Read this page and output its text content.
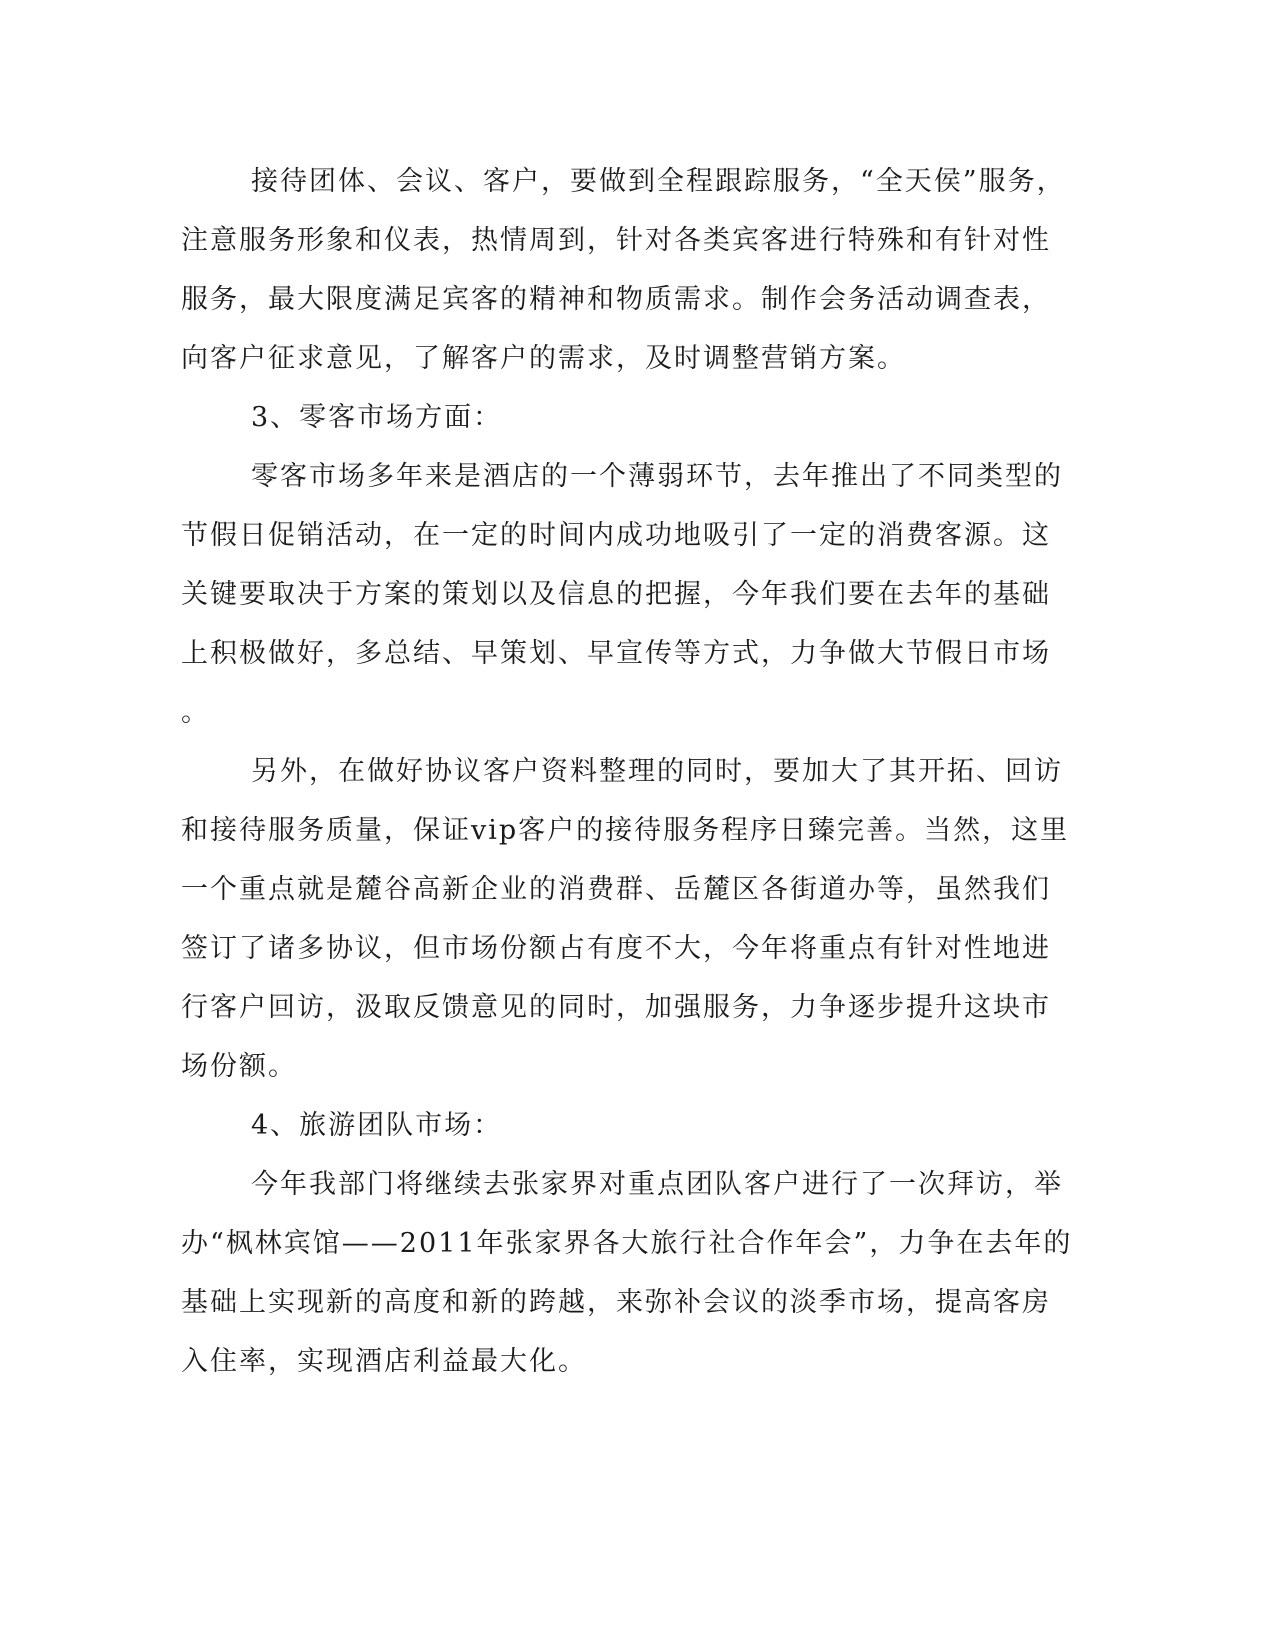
接待团体、会议、客户，要做到全程跟踪服务，“全天侯”服务，
注意服务形象和仪表，热情周到，针对各类宾客进行特殊和有针对性
服务，最大限度满足宾客的精神和物质需求。制作会务活动调查表，
向客户征求意见，了解客户的需求，及时调整营销方案。
3、零客市场方面：
零客市场多年来是酒店的一个薄弱环节，去年推出了不同类型的
节假日促销活动，在一定的时间内成功地吸引了一定的消费客源。这
关键要取决于方案的策划以及信息的把握，今年我们要在去年的基础
上积极做好，多总结、早策划、早宣传等方式，力争做大节假日市场
。
另外，在做好协议客户资料整理的同时，要加大了其开拓、回访
和接待服务质量，保证vip客户的接待服务程序日臻完善。当然，这里
一个重点就是麓谷高新企业的消费群、岳麓区各街道办等，虽然我们
签订了诸多协议，但市场份额占有度不大，今年将重点有针对性地进
行客户回访，汲取反馈意见的同时，加强服务，力争逐步提升这块市
场份额。
4、旅游团队市场：
今年我部门将继续去张家界对重点团队客户进行了一次拜访，举
办“枫林宾馆——2011年张家界各大旅行社合作年会”，力争在去年的
基础上实现新的高度和新的跨越，来弥补会议的淡季市场，提高客房
入住率，实现酒店利益最大化。
